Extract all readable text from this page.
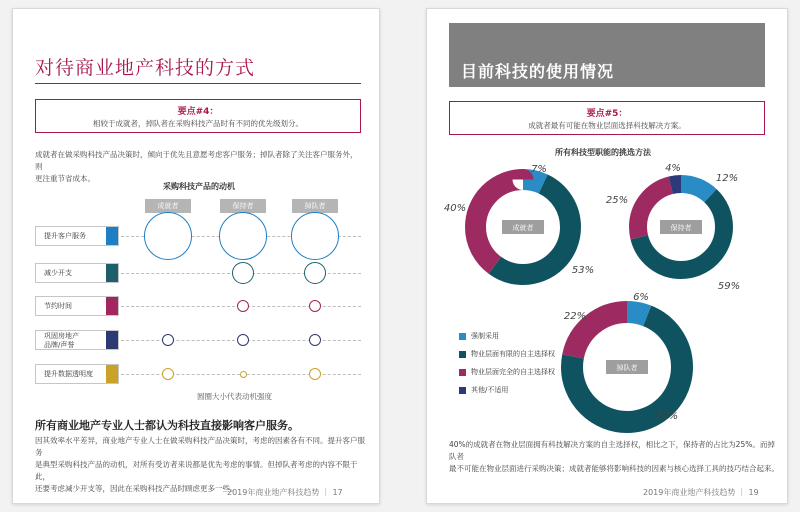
对待商业地产科技的方式
要点#4：
相较于成就者，掉队者在采购科技产品时有不同的优先级划分。
成就者在做采购科技产品决策时，倾向于优先且意愿考虑客户服务；掉队者除了关注客户服务外，则
更注重节省成本。
采购科技产品的动机
圆圈大小代表动机强度
所有商业地产专业人士都认为科技直接影响客户服务。
因其效率水平差异，商业地产专业人士在做采购科技产品决策时，考虑的因素各有不同。提升客户服务
是典型采购科技产品的动机，对所有受访者来说都是优先考虑的事情。但掉队者考虑的内容不限于此，
还要考虑减少开支等，因此在采购科技产品时顾虑更多一些。
2019年商业地产科技趋势 ｜ 17
成就者	保持者	掉队者
提升客户服务
减少开支
节约时间
巩固房地产
品牌/声誉
提升数据透明度
目前科技的使用情况
要点#5：
成就者最有可能在物业层面选择科技解决方案。
所有科技型职能的挑选方法
7%
53%
40%
成就者
12%
59%
25%
4%
保持者
6%
72%
22%
掉队者
40%的成就者在物业层面拥有科技解决方案的自主选择权，相比之下，保持者的占比为25%。而掉队者
最不可能在物业层面进行采购决策；成就者能够将影响科技的因素与核心选择工具的技巧结合起来。
2019年商业地产科技趋势 ｜ 19
强制采用
物业层面有限的自主选择权
物业层面完全的自主选择权
其他/不适用
